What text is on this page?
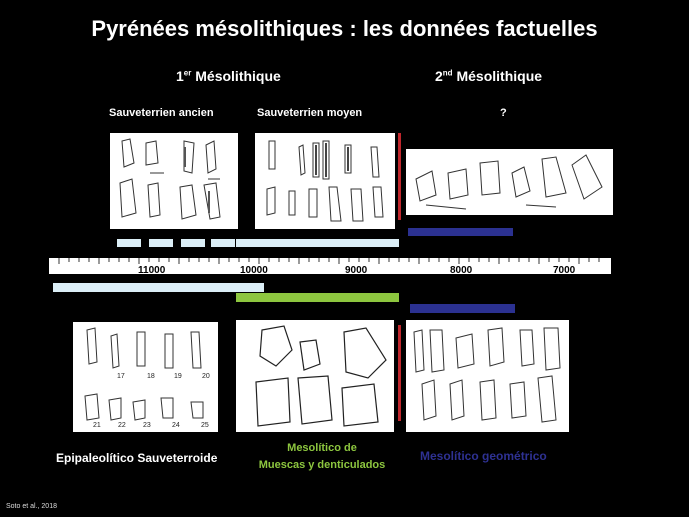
Pyrénées mésolithiques : les données factuelles
1er Mésolithique	2nd Mésolithique
Sauveterrien ancien	Sauveterrien moyen	?
11000	10000	9000	8000	7000
17	18	19	20
21 22 23	24	25
Epipaleolítico Sauveterroide
Mesolítico de
Muescas y denticulados
Mesolítico geométrico
Soto et al., 2018
